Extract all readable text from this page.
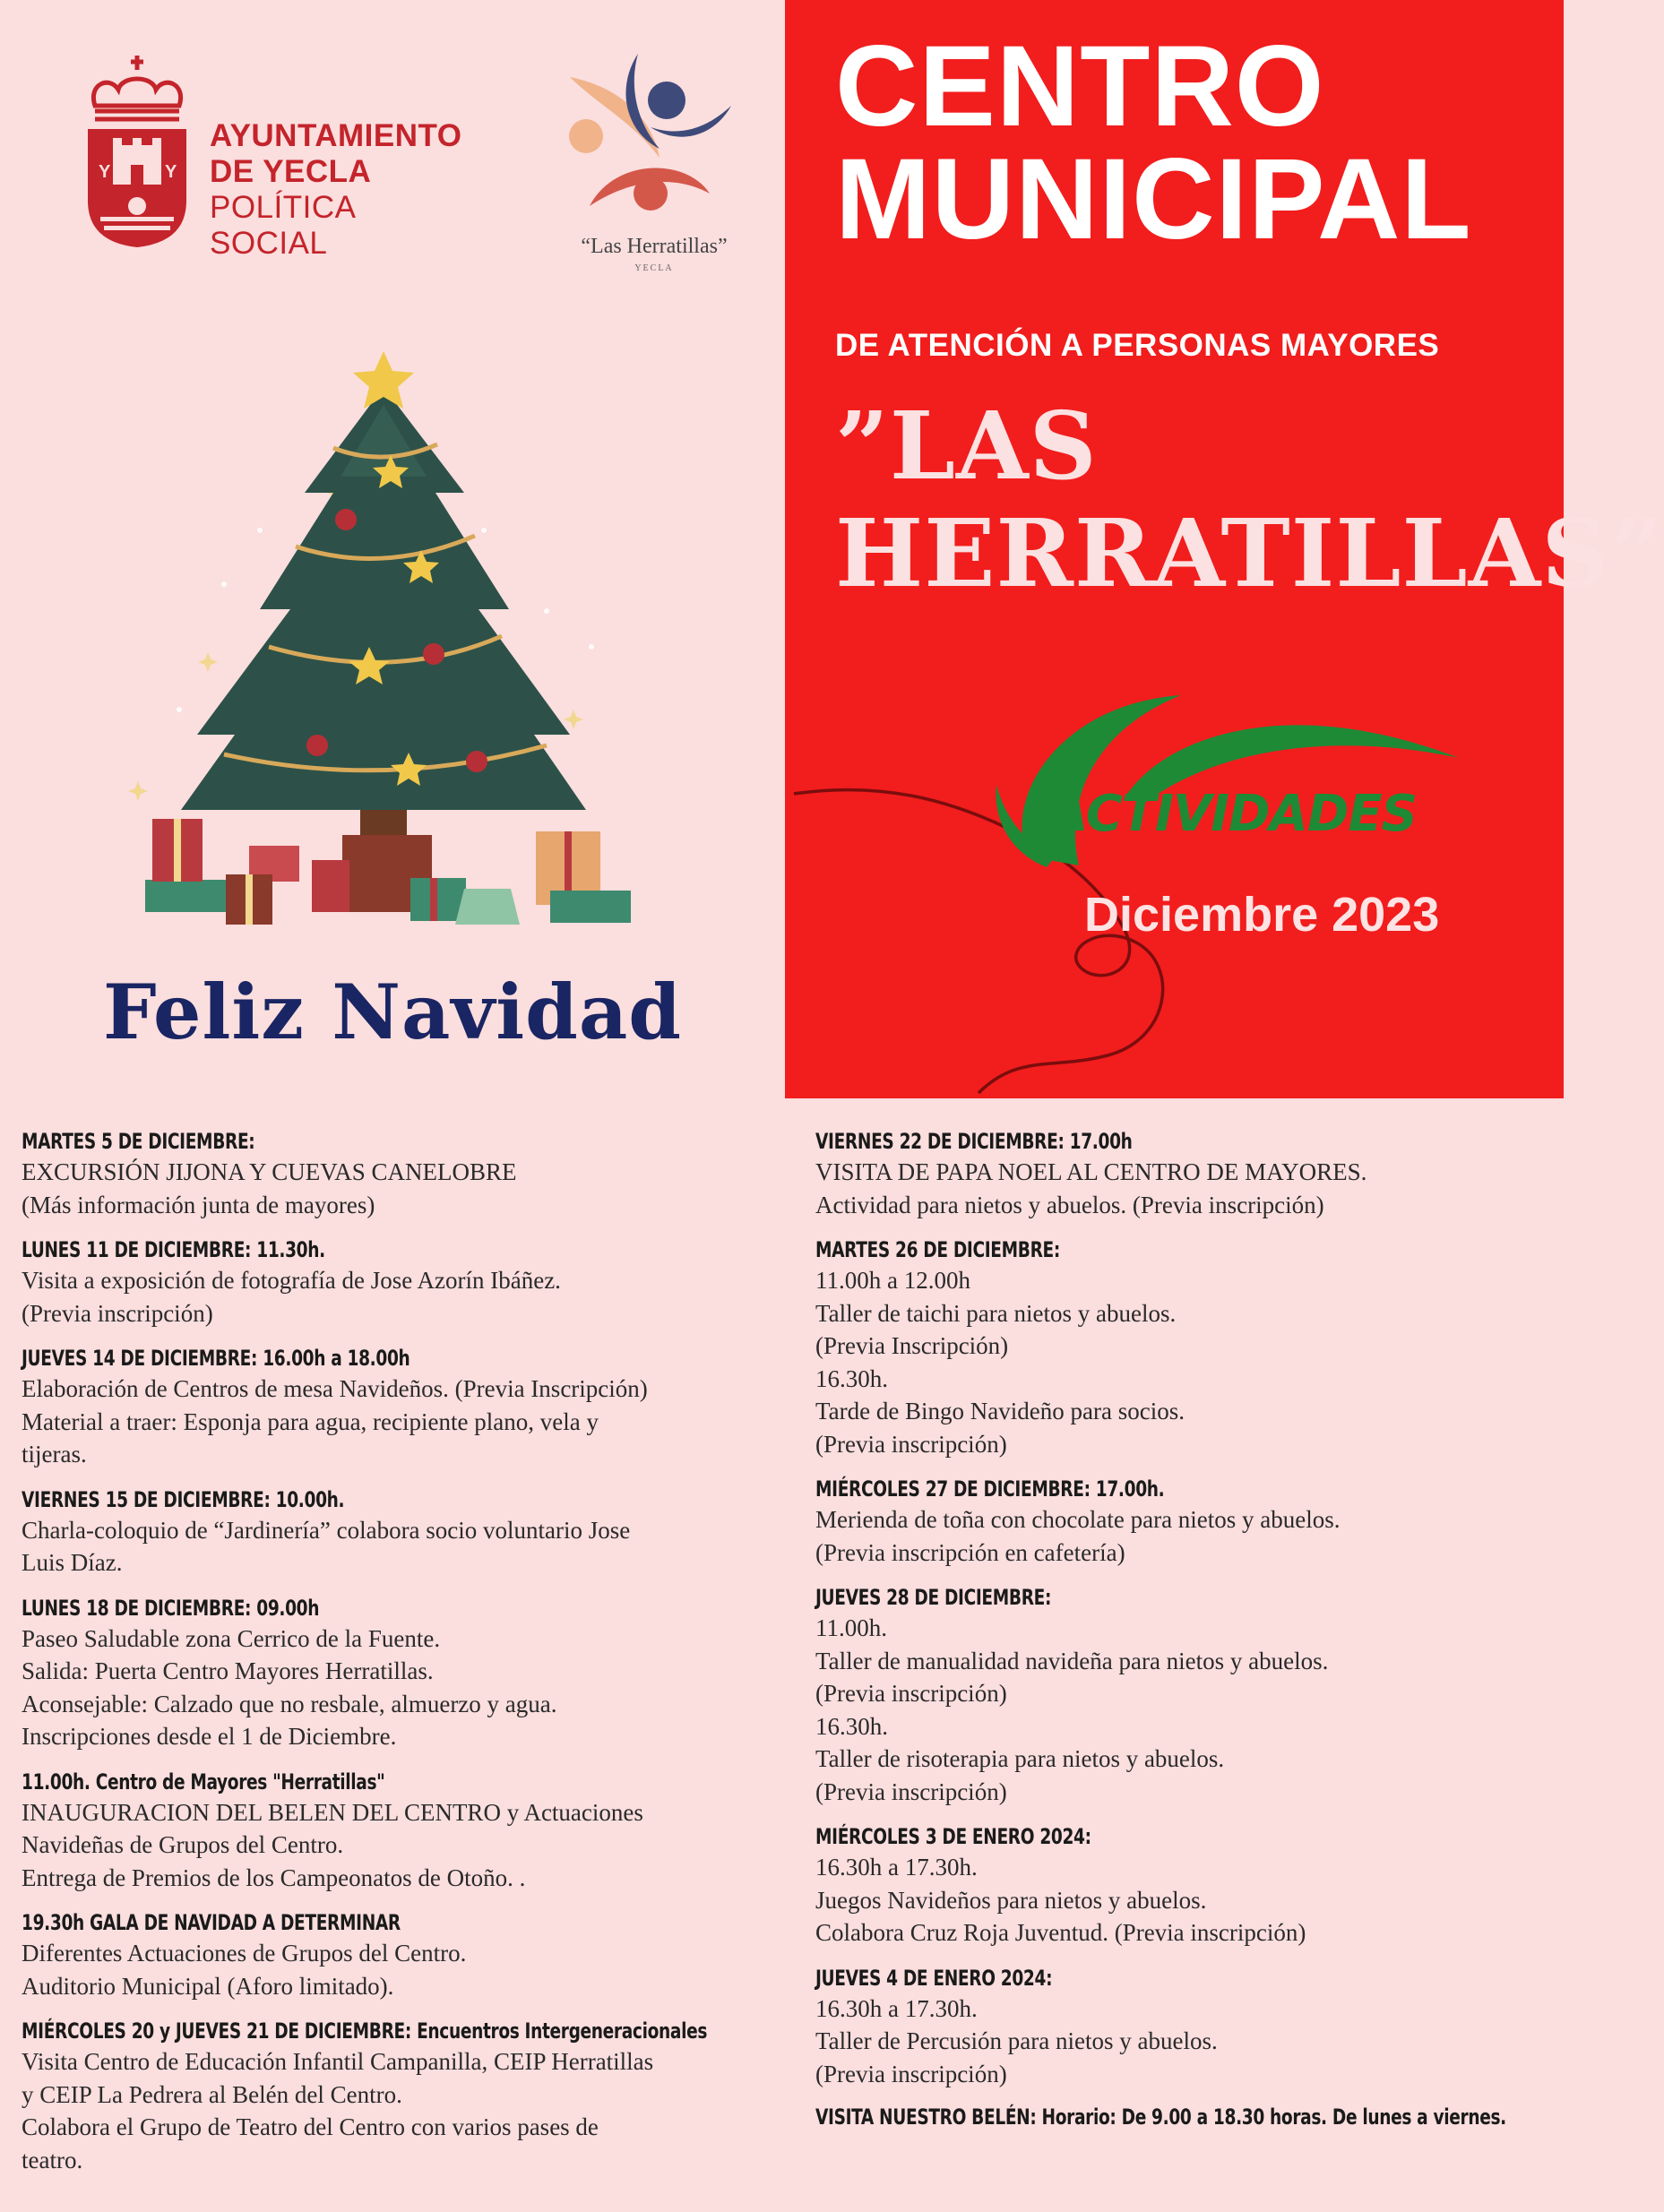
Y	Y
AYUNTAMIENTO
DE YECLA
POLÍTICA
SOCIAL	“Las Herratillas”
YECLA
Feliz Navidad
CENTRO
MUNICIPAL
DE ATENCIÓN A PERSONAS MAYORES
”LAS
HERRATILLAS”
ACTIVIDADES
Diciembre 2023
MARTES 5 DE DICIEMBRE:
EXCURSIÓN JIJONA Y CUEVAS CANELOBRE
(Más información junta de mayores)
LUNES 11 DE DICIEMBRE: 11.30h.
Visita a exposición de fotografía de Jose Azorín Ibáñez.
(Previa inscripción)
JUEVES 14 DE DICIEMBRE: 16.00h a 18.00h
Elaboración de Centros de mesa Navideños. (Previa Inscripción)
Material a traer: Esponja para agua, recipiente plano, vela y
tijeras.
VIERNES 15 DE DICIEMBRE: 10.00h.
Charla-coloquio de “Jardinería” colabora socio voluntario Jose
Luis Díaz.
LUNES 18 DE DICIEMBRE: 09.00h
Paseo Saludable zona Cerrico de la Fuente.
Salida: Puerta Centro Mayores Herratillas.
Aconsejable: Calzado que no resbale, almuerzo y agua.
Inscripciones desde el 1 de Diciembre.
11.00h. Centro de Mayores "Herratillas"
INAUGURACION DEL BELEN DEL CENTRO y Actuaciones
Navideñas de Grupos del Centro.
Entrega de Premios de los Campeonatos de Otoño. .
19.30h GALA DE NAVIDAD A DETERMINAR
Diferentes Actuaciones de Grupos del Centro.
Auditorio Municipal (Aforo limitado).
MIÉRCOLES 20 y JUEVES 21 DE DICIEMBRE: Encuentros Intergeneracionales
Visita Centro de Educación Infantil Campanilla, CEIP Herratillas
y CEIP La Pedrera al Belén del Centro.
Colabora el Grupo de Teatro del Centro con varios pases de
teatro.
VIERNES 22 DE DICIEMBRE: 17.00h
VISITA DE PAPA NOEL AL CENTRO DE MAYORES.
Actividad para nietos y abuelos. (Previa inscripción)
MARTES 26 DE DICIEMBRE:
11.00h a 12.00h
Taller de taichi para nietos y abuelos.
(Previa Inscripción)
16.30h.
Tarde de Bingo Navideño para socios.
(Previa inscripción)
MIÉRCOLES 27 DE DICIEMBRE: 17.00h.
Merienda de toña con chocolate para nietos y abuelos.
(Previa inscripción en cafetería)
JUEVES 28 DE DICIEMBRE:
11.00h.
Taller de manualidad navideña para nietos y abuelos.
(Previa inscripción)
16.30h.
Taller de risoterapia para nietos y abuelos.
(Previa inscripción)
MIÉRCOLES 3 DE ENERO 2024:
16.30h a 17.30h.
Juegos Navideños para nietos y abuelos.
Colabora Cruz Roja Juventud. (Previa inscripción)
JUEVES 4 DE ENERO 2024:
16.30h a 17.30h.
Taller de Percusión para nietos y abuelos.
(Previa inscripción)
VISITA NUESTRO BELÉN: Horario: De 9.00 a 18.30 horas. De lunes a viernes.
